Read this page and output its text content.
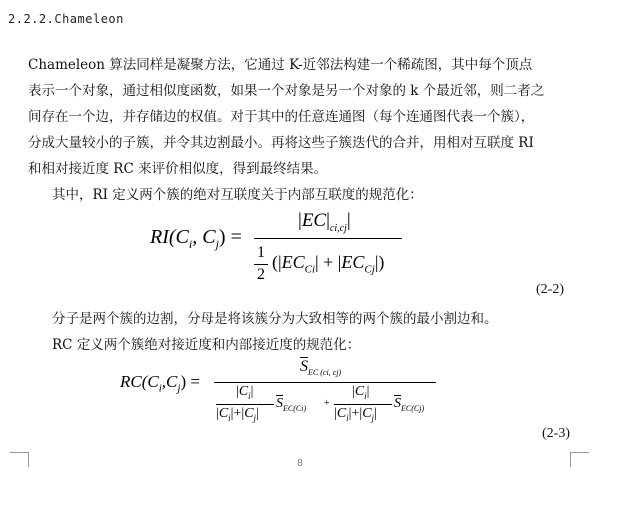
2.2.2.Chameleon
Chameleon 算法同样是凝聚方法，它通过 K-近邻法构建一个稀疏图，其中每个顶点
表示一个对象，通过相似度函数，如果一个对象是另一个对象的 k 个最近邻，则二者之
间存在一个边，并存储边的权值。对于其中的任意连通图（每个连通图代表一个簇），
分成大量较小的子簇，并令其边割最小。再将这些子簇迭代的合并，用相对互联度 RI
和相对接近度 RC 来评价相似度，得到最终结果。
其中，RI 定义两个簇的绝对互联度关于内部互联度的规范化：
$RI(C_i$, $C_j$) =
$|EC|_{ci,cj}|$
1
2
$(|EC_{Ci}| + |EC_{Cj}|)$
(2-2)
分子是两个簇的边割，分母是将该簇分为大致相等的两个簇的最小割边和。
RC 定义两个簇绝对接近度和内部接近度的规范化：
$RC(C_i,C_j)$ =
$\overline{S}_{EC (ci, cj)}$
$|C_i|$
$|C_i|+|C_j|$
$\overline{S}_{EC(Ci)}$ +
$|C_i|$
$|C_i|+|C_j|$
$\overline{S}_{EC(Cj)}$
(2-3)
8
